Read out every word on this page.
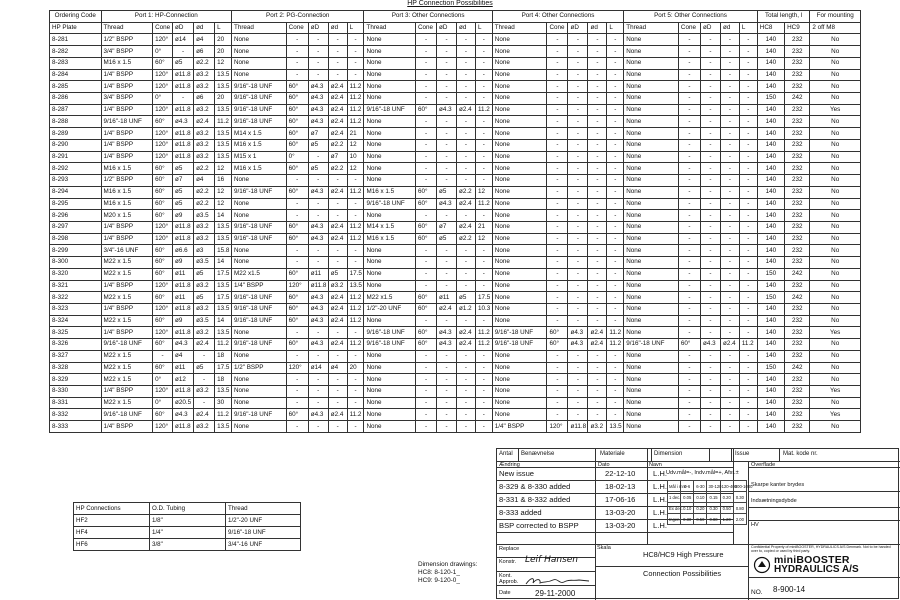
HP Connection Possibilities
Ordering Code	Port 1: HP-Connection					Port 2: PG-Connection					Port 3: Other Connections					Port 4: Other Connections					Port 5: Other Connections					Total length, l		For mounting
HP Plate	Thread	Cone	øD	ød	L	Thread	Cone	øD	ød	L	Thread	Cone	øD	ød	L	Thread	Cone	øD	ød	L	Thread	Cone	øD	ød	L	HC8	HC9	2 off M8
8-281	1/2" BSPP	120°	ø14	ø4	20	None	-	-	-	-	None	-	-	-	-	None	-	-	-	-	None	-	-	-	-	140	232	No
8-282	3/4" BSPP	0°	-	ø6	20	None	-	-	-	-	None	-	-	-	-	None	-	-	-	-	None	-	-	-	-	140	232	No
8-283	M16 x 1.5	60°	ø5	ø2.2	12	None	-	-	-	-	None	-	-	-	-	None	-	-	-	-	None	-	-	-	-	140	232	No
8-284	1/4" BSPP	120°	ø11.8	ø3.2	13.5	None	-	-	-	-	None	-	-	-	-	None	-	-	-	-	None	-	-	-	-	140	232	No
8-285	1/4" BSPP	120°	ø11.8	ø3.2	13.5	9/16"-18 UNF	60°	ø4.3	ø2.4	11.2	None	-	-	-	-	None	-	-	-	-	None	-	-	-	-	140	232	No
8-286	3/4" BSPP	0°	-	ø6	20	9/16"-18 UNF	60°	ø4.3	ø2.4	11.2	None	-	-	-	-	None	-	-	-	-	None	-	-	-	-	150	242	No
8-287	1/4" BSPP	120°	ø11.8	ø3.2	13.5	9/16"-18 UNF	60°	ø4.3	ø2.4	11.2	9/16"-18 UNF	60°	ø4.3	ø2.4	11.2	None	-	-	-	-	None	-	-	-	-	140	232	Yes
8-288	9/16"-18 UNF	60°	ø4.3	ø2.4	11.2	9/16"-18 UNF	60°	ø4.3	ø2.4	11.2	None	-	-	-	-	None	-	-	-	-	None	-	-	-	-	140	232	No
8-289	1/4" BSPP	120°	ø11.8	ø3.2	13.5	M14 x 1.5	60°	ø7	ø2.4	21	None	-	-	-	-	None	-	-	-	-	None	-	-	-	-	140	232	No
8-290	1/4" BSPP	120°	ø11.8	ø3.2	13.5	M16 x 1.5	60°	ø5	ø2.2	12	None	-	-	-	-	None	-	-	-	-	None	-	-	-	-	140	232	No
8-291	1/4" BSPP	120°	ø11.8	ø3.2	13.5	M15 x 1	0°	-	ø7	10	None	-	-	-	-	None	-	-	-	-	None	-	-	-	-	140	232	No
8-292	M16 x 1.5	60°	ø5	ø2.2	12	M16 x 1.5	60°	ø5	ø2.2	12	None	-	-	-	-	None	-	-	-	-	None	-	-	-	-	140	232	No
8-293	1/2" BSPP	60°	ø7	ø4	16	None	-	-	-	-	None	-	-	-	-	None	-	-	-	-	None	-	-	-	-	140	232	No
8-294	M16 x 1.5	60°	ø5	ø2.2	12	9/16"-18 UNF	60°	ø4.3	ø2.4	11.2	M16 x 1.5	60°	ø5	ø2.2	12	None	-	-	-	-	None	-	-	-	-	140	232	No
8-295	M16 x 1.5	60°	ø5	ø2.2	12	None	-	-	-	-	9/16"-18 UNF	60°	ø4.3	ø2.4	11.2	None	-	-	-	-	None	-	-	-	-	140	232	No
8-296	M20 x 1.5	60°	ø9	ø3.5	14	None	-	-	-	-	None	-	-	-	-	None	-	-	-	-	None	-	-	-	-	140	232	No
8-297	1/4" BSPP	120°	ø11.8	ø3.2	13.5	9/16"-18 UNF	60°	ø4.3	ø2.4	11.2	M14 x 1.5	60°	ø7	ø2.4	21	None	-	-	-	-	None	-	-	-	-	140	232	No
8-298	1/4" BSPP	120°	ø11.8	ø3.2	13.5	9/16"-18 UNF	60°	ø4.3	ø2.4	11.2	M16 x 1.5	60°	ø5	ø2.2	12	None	-	-	-	-	None	-	-	-	-	140	232	No
8-299	3/4"-16 UNF	60°	ø6.6	ø3	15.8	None	-	-	-	-	None	-	-	-	-	None	-	-	-	-	None	-	-	-	-	140	232	No
8-300	M22 x 1.5	60°	ø9	ø3.5	14	None	-	-	-	-	None	-	-	-	-	None	-	-	-	-	None	-	-	-	-	140	232	No
8-320	M22 x 1.5	60°	ø11	ø5	17.5	M22 x1.5	60°	ø11	ø5	17.5	None	-	-	-	-	None	-	-	-	-	None	-	-	-	-	150	242	No
8-321	1/4" BSPP	120°	ø11.8	ø3.2	13.5	1/4" BSPP	120°	ø11.8	ø3.2	13.5	None	-	-	-	-	None	-	-	-	-	None	-	-	-	-	140	232	No
8-322	M22 x 1.5	60°	ø11	ø5	17.5	9/16"-18 UNF	60°	ø4.3	ø2.4	11.2	M22 x1.5	60°	ø11	ø5	17.5	None	-	-	-	-	None	-	-	-	-	150	242	No
8-323	1/4" BSPP	120°	ø11.8	ø3.2	13.5	9/16"-18 UNF	60°	ø4.3	ø2.4	11.2	1/2"-20 UNF	60°	ø2.4	ø1.2	10.3	None	-	-	-	-	None	-	-	-	-	140	232	No
8-324	M22 x 1.5	60°	ø9	ø3.5	14	9/16"-18 UNF	60°	ø4.3	ø2.4	11.2	None	-	-	-	-	None	-	-	-	-	None	-	-	-	-	140	232	No
8-325	1/4" BSPP	120°	ø11.8	ø3.2	13.5	None	-	-	-	-	9/16"-18 UNF	60°	ø4.3	ø2.4	11.2	9/16"-18 UNF	60°	ø4.3	ø2.4	11.2	None	-	-	-	-	140	232	Yes
8-326	9/16"-18 UNF	60°	ø4.3	ø2.4	11.2	9/16"-18 UNF	60°	ø4.3	ø2.4	11.2	9/16"-18 UNF	60°	ø4.3	ø2.4	11.2	9/16"-18 UNF	60°	ø4.3	ø2.4	11.2	9/16"-18 UNF	60°	ø4.3	ø2.4	11.2	140	232	No
8-327	M22 x 1.5	-	ø4	-	18	None	-	-	-	-	None	-	-	-	-	None	-	-	-	-	None	-	-	-	-	140	232	No
8-328	M22 x 1.5	60°	ø11	ø5	17.5	1/2" BSPP	120°	ø14	ø4	20	None	-	-	-	-	None	-	-	-	-	None	-	-	-	-	150	242	No
8-329	M22 x 1.5	0°	ø12	-	18	None	-	-	-	-	None	-	-	-	-	None	-	-	-	-	None	-	-	-	-	140	232	No
8-330	1/4" BSPP	120°	ø11.8	ø3.2	13.5	None	-	-	-	-	None	-	-	-	-	None	-	-	-	-	None	-	-	-	-	140	232	Yes
8-331	M22 x 1.5	0°	ø20.5	-	30	None	-	-	-	-	None	-	-	-	-	None	-	-	-	-	None	-	-	-	-	140	232	No
8-332	9/16"-18 UNF	60°	ø4.3	ø2.4	11.2	9/16"-18 UNF	60°	ø4.3	ø2.4	11.2	None	-	-	-	-	None	-	-	-	-	None	-	-	-	-	140	232	Yes
8-333	1/4" BSPP	120°	ø11.8	ø3.2	13.5	None	-	-	-	-	None	-	-	-	-	1/4" BSPP	120°	ø11.8	ø3.2	13.5	None	-	-	-	-	140	232	No
HP Connections	O.D. Tubing	Thread
HF2	1/8"	1/2"-20 UNF
HF4	1/4"	9/16"-18 UNF
HF6	3/8"	3/4"-16 UNF
Dimension drawings:
HC8: 8-120-1_
HC9: 9-120-0_
Antal Benævnelse	Materiale	Dimension	Issue	Mat. kode nr.
Ændring	Dato	Navn
Udv.mål=-, Indv.mål=+, Afst.±
Overflade
Skarpe kanter brydes
Indsætningsdybde
HV
Mål i mm	0-6	6-30	30-120	120-400	400-1000
1 dec.	0.05	0.10	0.15	0.20	0.30
Ex dec.	0.10	0.20	0.30	0.50	0.80
Ingen	0.30	0.50	0.80	1.20	2.00
New issue	22-12-10 L.H.
8-329 & 8-330 added	18-02-13 L.H.
8-331 & 8-332 added	17-06-16 L.H.
8-333 added	13-03-20 L.H.
BSP corrected to BSPP	13-03-20 L.H.
Replace	Skala
Konstr. Leif Hansen
Kont.
Approb.
Date	29-11-2000
HC8/HC9 High Pressure
Connection Possibilities
Confidential Property of miniBOOSTER, HYDRAULICS A/S Denmark. Not to be handed over to, copied or used by third party.
miniBOOSTER
HYDRAULICS A/S
NO. 8-900-14
